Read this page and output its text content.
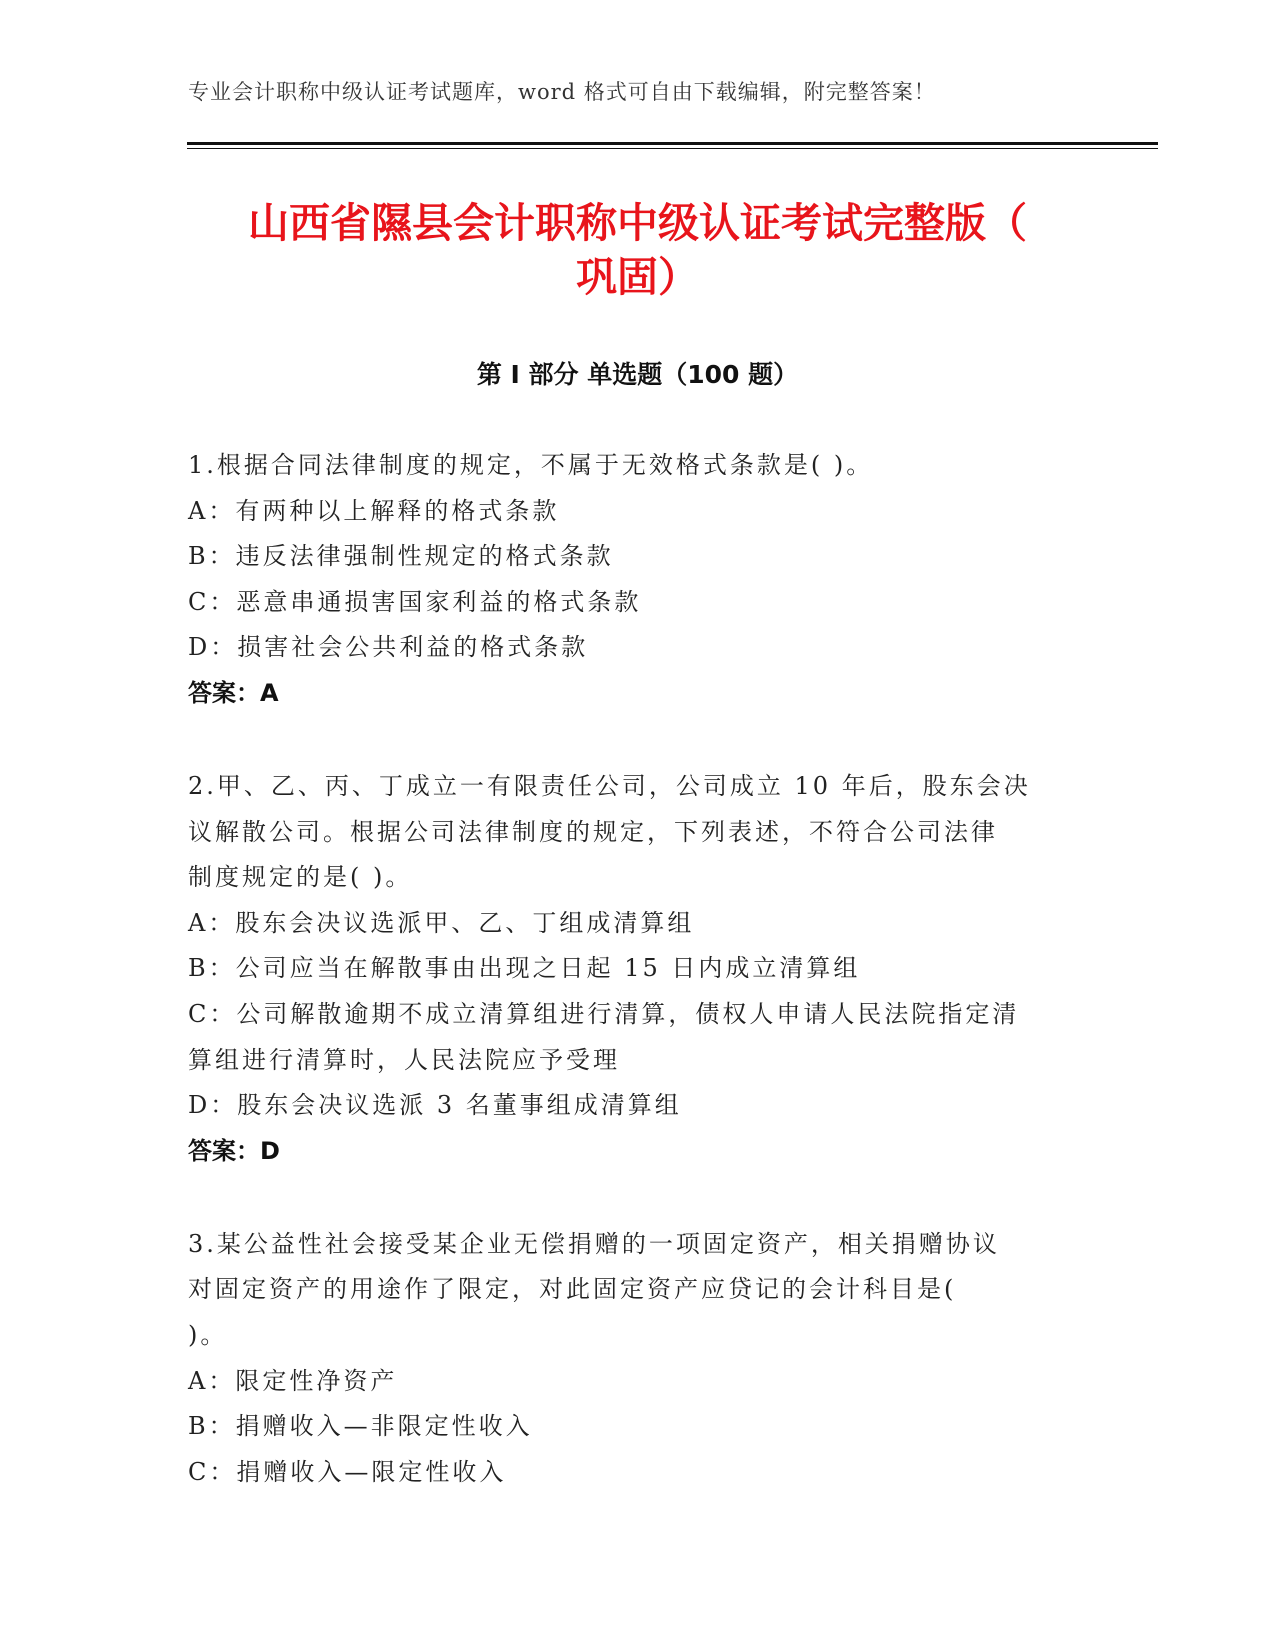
专业会计职称中级认证考试题库，word 格式可自由下载编辑，附完整答案！
山西省隰县会计职称中级认证考试完整版（
巩固）
第 I 部分 单选题（100 题）

1.根据合同法律制度的规定，不属于无效格式条款是( )。

A：有两种以上解释的格式条款

B：违反法律强制性规定的格式条款

C：恶意串通损害国家利益的格式条款

D：损害社会公共利益的格式条款

答案：A

2.甲、乙、丙、丁成立一有限责任公司，公司成立 10 年后，股东会决

议解散公司。根据公司法律制度的规定，下列表述，不符合公司法律

制度规定的是( )。

A：股东会决议选派甲、乙、丁组成清算组

B：公司应当在解散事由出现之日起 15 日内成立清算组

C：公司解散逾期不成立清算组进行清算，债权人申请人民法院指定清

算组进行清算时，人民法院应予受理

D：股东会决议选派 3 名董事组成清算组

答案：D

3.某公益性社会接受某企业无偿捐赠的一项固定资产，相关捐赠协议

对固定资产的用途作了限定，对此固定资产应贷记的会计科目是(

)。

A：限定性净资产

B：捐赠收入—非限定性收入

C：捐赠收入—限定性收入
